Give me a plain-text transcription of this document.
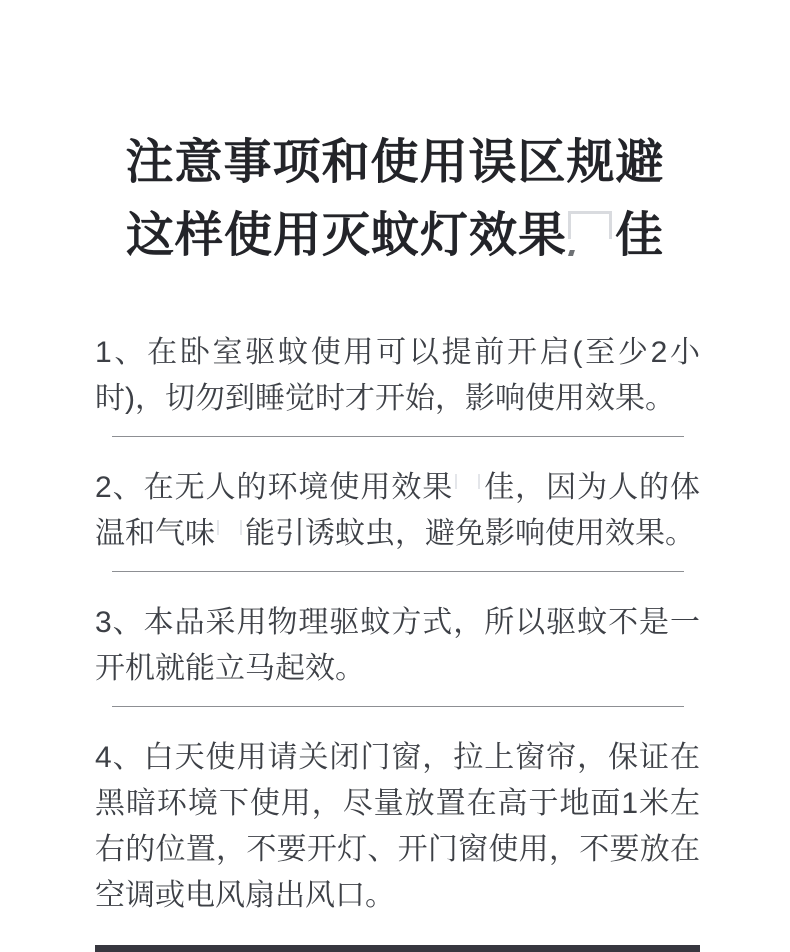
注意事项和使用误区规避
这样使用灭蚊灯效果 佳

1、在卧室驱蚊使用可以提前开启(至少2小时)，切勿到睡觉时才开始，影响使用效果。

2、在无人的环境使用效果 佳，因为人的体温和气味 能引诱蚊虫，避免影响使用效果。

3、本品采用物理驱蚊方式，所以驱蚊不是一开机就能立马起效。

4、白天使用请关闭门窗，拉上窗帘，保证在黑暗环境下使用，尽量放置在高于地面1米左右的位置，不要开灯、开门窗使用，不要放在空调或电风扇出风口。
